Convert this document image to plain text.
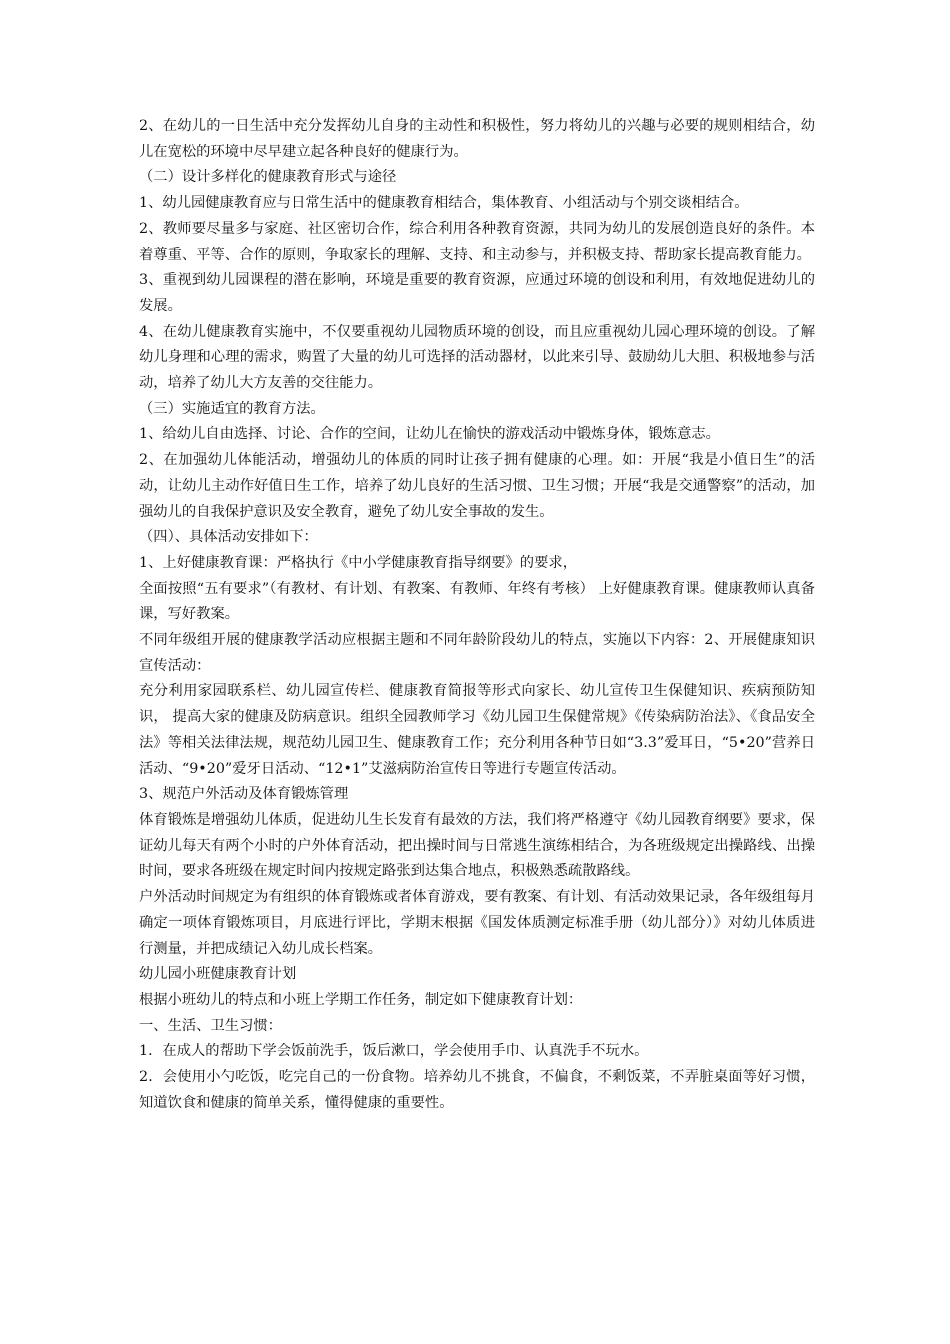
2、在幼儿的一日生活中充分发挥幼儿自身的主动性和积极性，努力将幼儿的兴趣与必要的规则相结合，幼儿在宽松的环境中尽早建立起各种良好的健康行为。

（二）设计多样化的健康教育形式与途径

1、幼儿园健康教育应与日常生活中的健康教育相结合，集体教育、小组活动与个别交谈相结合。

2、教师要尽量多与家庭、社区密切合作，综合利用各种教育资源，共同为幼儿的发展创造良好的条件。本着尊重、平等、合作的原则，争取家长的理解、支持、和主动参与，并积极支持、帮助家长提高教育能力。

3、重视到幼儿园课程的潜在影响，环境是重要的教育资源，应通过环境的创设和利用，有效地促进幼儿的发展。

4、在幼儿健康教育实施中，不仅要重视幼儿园物质环境的创设，而且应重视幼儿园心理环境的创设。了解幼儿身理和心理的需求，购置了大量的幼儿可选择的活动器材，以此来引导、鼓励幼儿大胆、积极地参与活动，培养了幼儿大方友善的交往能力。

（三）实施适宜的教育方法。

1、给幼儿自由选择、讨论、合作的空间，让幼儿在愉快的游戏活动中锻炼身体，锻炼意志。

2、在加强幼儿体能活动，增强幼儿的体质的同时让孩子拥有健康的心理。如：开展“我是小值日生”的活动，让幼儿主动作好值日生工作，培养了幼儿良好的生活习惯、卫生习惯；开展“我是交通警察”的活动，加强幼儿的自我保护意识及安全教育，避免了幼儿安全事故的发生。

（四）、具体活动安排如下：

1、上好健康教育课：严格执行《中小学健康教育指导纲要》的要求，

全面按照“五有要求”（有教材、有计划、有教案、有教师、年终有考核） 上好健康教育课。健康教师认真备课，写好教案。

不同年级组开展的健康教学活动应根据主题和不同年龄阶段幼儿的特点，实施以下内容：2、开展健康知识宣传活动：

充分利用家园联系栏、幼儿园宣传栏、健康教育简报等形式向家长、幼儿宣传卫生保健知识、疾病预防知识， 提高大家的健康及防病意识。组织全园教师学习《幼儿园卫生保健常规》《传染病防治法》、《食品安全法》等相关法律法规，规范幼儿园卫生、健康教育工作；充分利用各种节日如“3.3”爱耳日，“5•20”营养日活动、“9•20”爱牙日活动、“12•1”艾滋病防治宣传日等进行专题宣传活动。

3、规范户外活动及体育锻炼管理

体育锻炼是增强幼儿体质，促进幼儿生长发育有最效的方法，我们将严格遵守《幼儿园教育纲要》要求，保证幼儿每天有两个小时的户外体育活动，把出操时间与日常逃生演练相结合，为各班级规定出操路线、出操时间，要求各班级在规定时间内按规定路张到达集合地点，积极熟悉疏散路线。

户外活动时间规定为有组织的体育锻炼或者体育游戏，要有教案、有计划、有活动效果记录，各年级组每月确定一项体育锻炼项目，月底进行评比，学期末根据《国发体质测定标准手册（幼儿部分）》对幼儿体质进行测量，并把成绩记入幼儿成长档案。

幼儿园小班健康教育计划

根据小班幼儿的特点和小班上学期工作任务，制定如下健康教育计划：

一、生活、卫生习惯：

1．在成人的帮助下学会饭前洗手，饭后漱口，学会使用手巾、认真洗手不玩水。

2．会使用小勺吃饭，吃完自己的一份食物。培养幼儿不挑食，不偏食，不剩饭菜，不弄脏桌面等好习惯，知道饮食和健康的简单关系，懂得健康的重要性。
